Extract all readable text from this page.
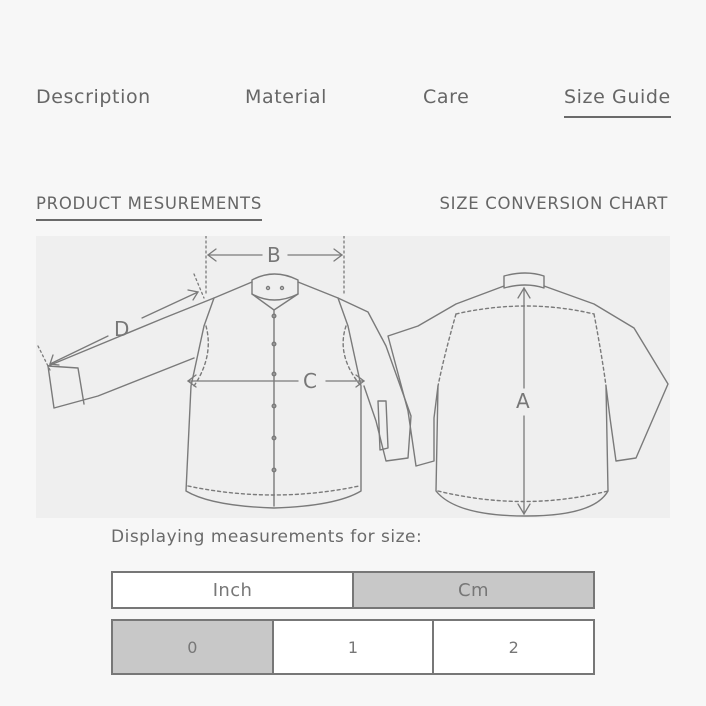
Description	Material	Care	Size Guide
PRODUCT MESUREMENTS	SIZE CONVERSION CHART
B
C
D
A
Displaying measurements for size:
Inch	Cm
0	1	2
